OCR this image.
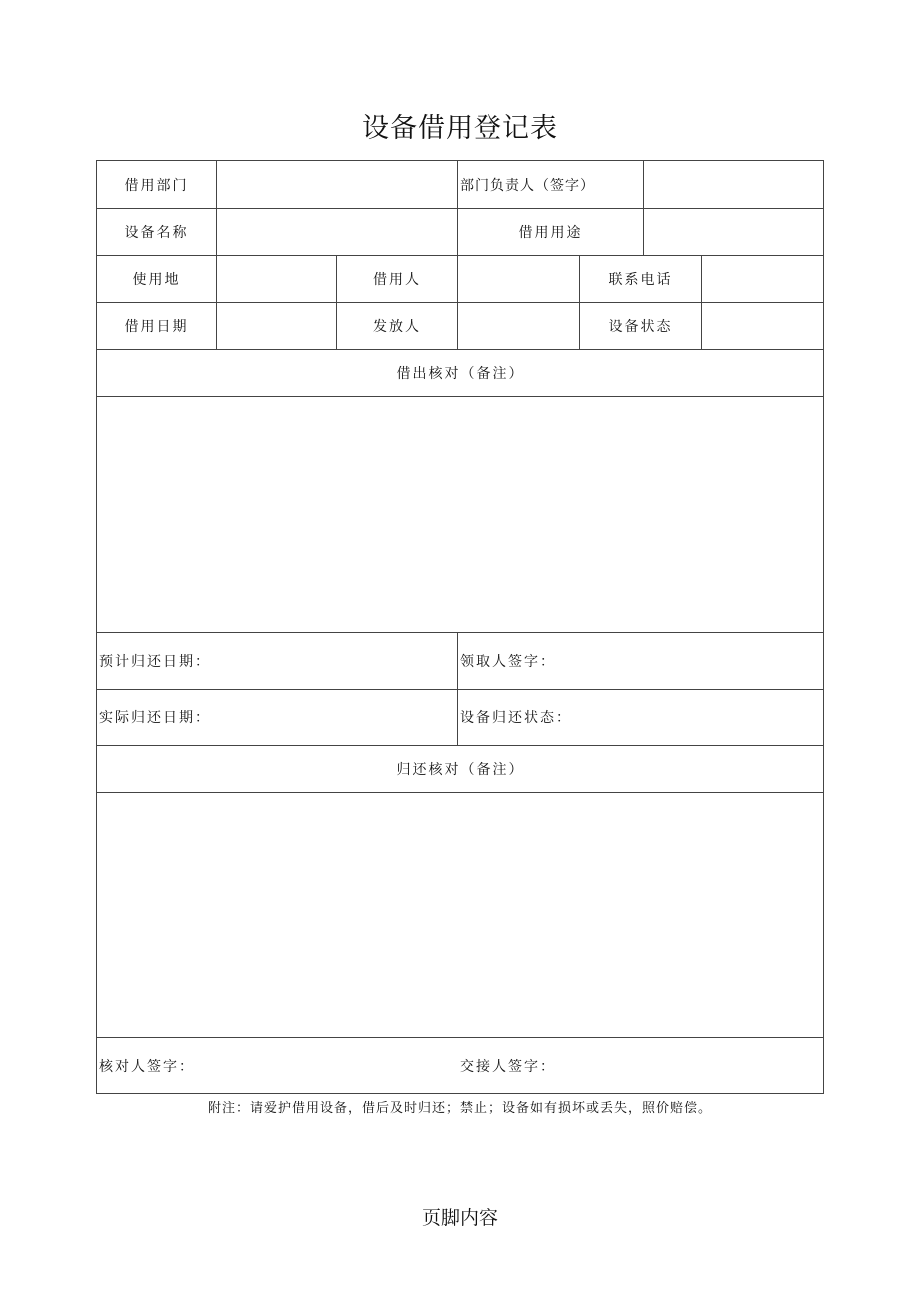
设备借用登记表
借用部门	部门负责人（签字）
设备名称	借用用途
使用地	借用人	联系电话
借用日期	发放人	设备状态
借出核对（备注）
预计归还日期：	领取人签字：
实际归还日期：	设备归还状态：
归还核对（备注）
核对人签字：	交接人签字：
附注：请爱护借用设备，借后及时归还；禁止；设备如有损坏或丢失，照价赔偿。
页脚内容
